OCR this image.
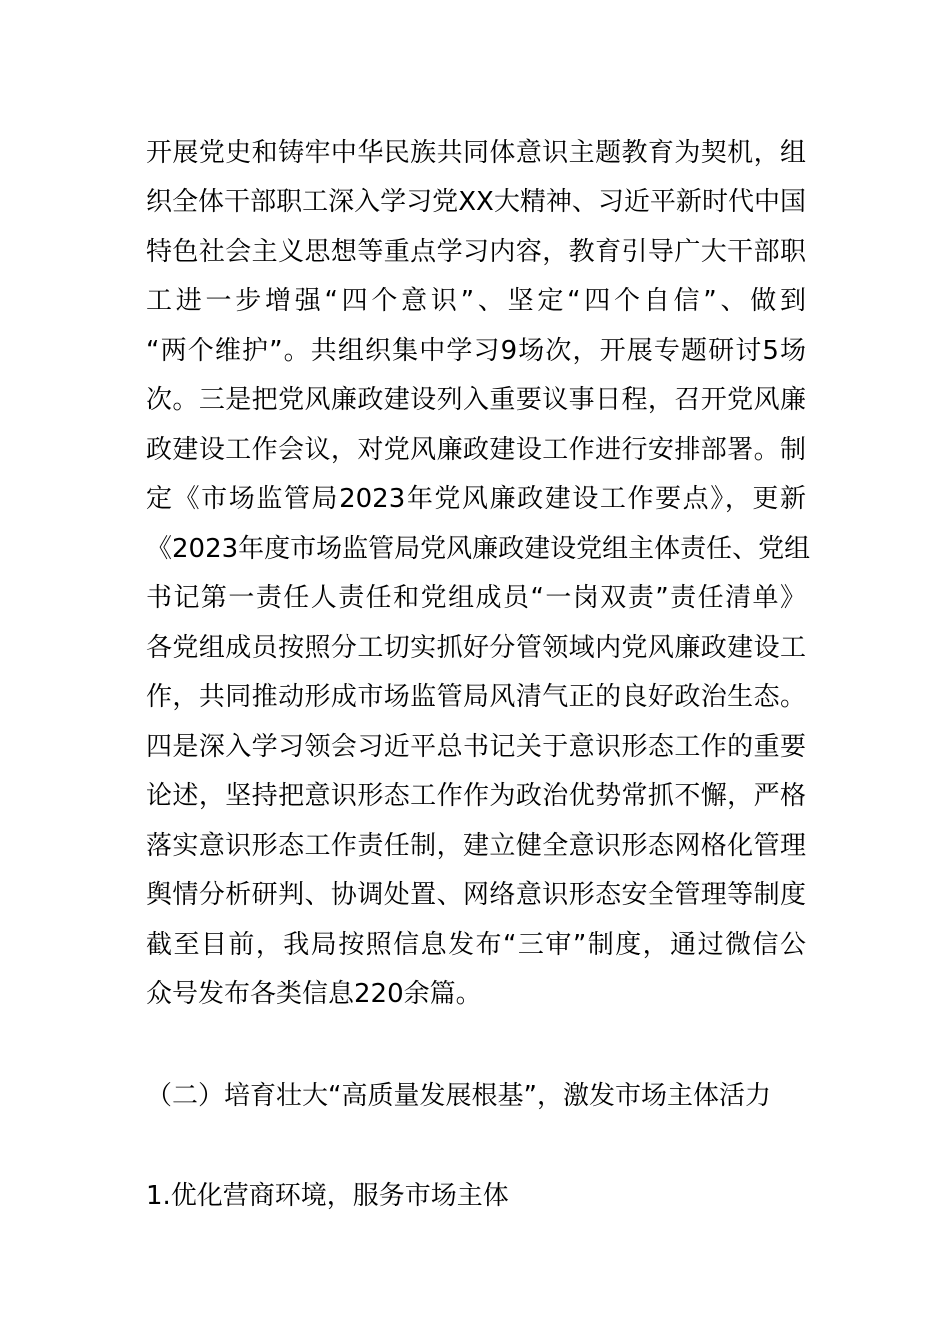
开展党史和铸牢中华民族共同体意识主题教育为契机，组
织全体干部职工深入学习党XX大精神、习近平新时代中国
特色社会主义思想等重点学习内容，教育引导广大干部职
工进一步增强“四个意识”、坚定“四个自信”、做到
“两个维护”。共组织集中学习9场次，开展专题研讨5场
次。三是把党风廉政建设列入重要议事日程，召开党风廉
政建设工作会议，对党风廉政建设工作进行安排部署。制
定《市场监管局2023年党风廉政建设工作要点》，更新
《2023年度市场监管局党风廉政建设党组主体责任、党组
书记第一责任人责任和党组成员“一岗双责”责任清单》
各党组成员按照分工切实抓好分管领域内党风廉政建设工
作，共同推动形成市场监管局风清气正的良好政治生态。
四是深入学习领会习近平总书记关于意识形态工作的重要
论述，坚持把意识形态工作作为政治优势常抓不懈，严格
落实意识形态工作责任制，建立健全意识形态网格化管理
舆情分析研判、协调处置、网络意识形态安全管理等制度
截至目前，我局按照信息发布“三审”制度，通过微信公
众号发布各类信息220余篇。
（二）培育壮大“高质量发展根基”，激发市场主体活力
1.优化营商环境，服务市场主体
